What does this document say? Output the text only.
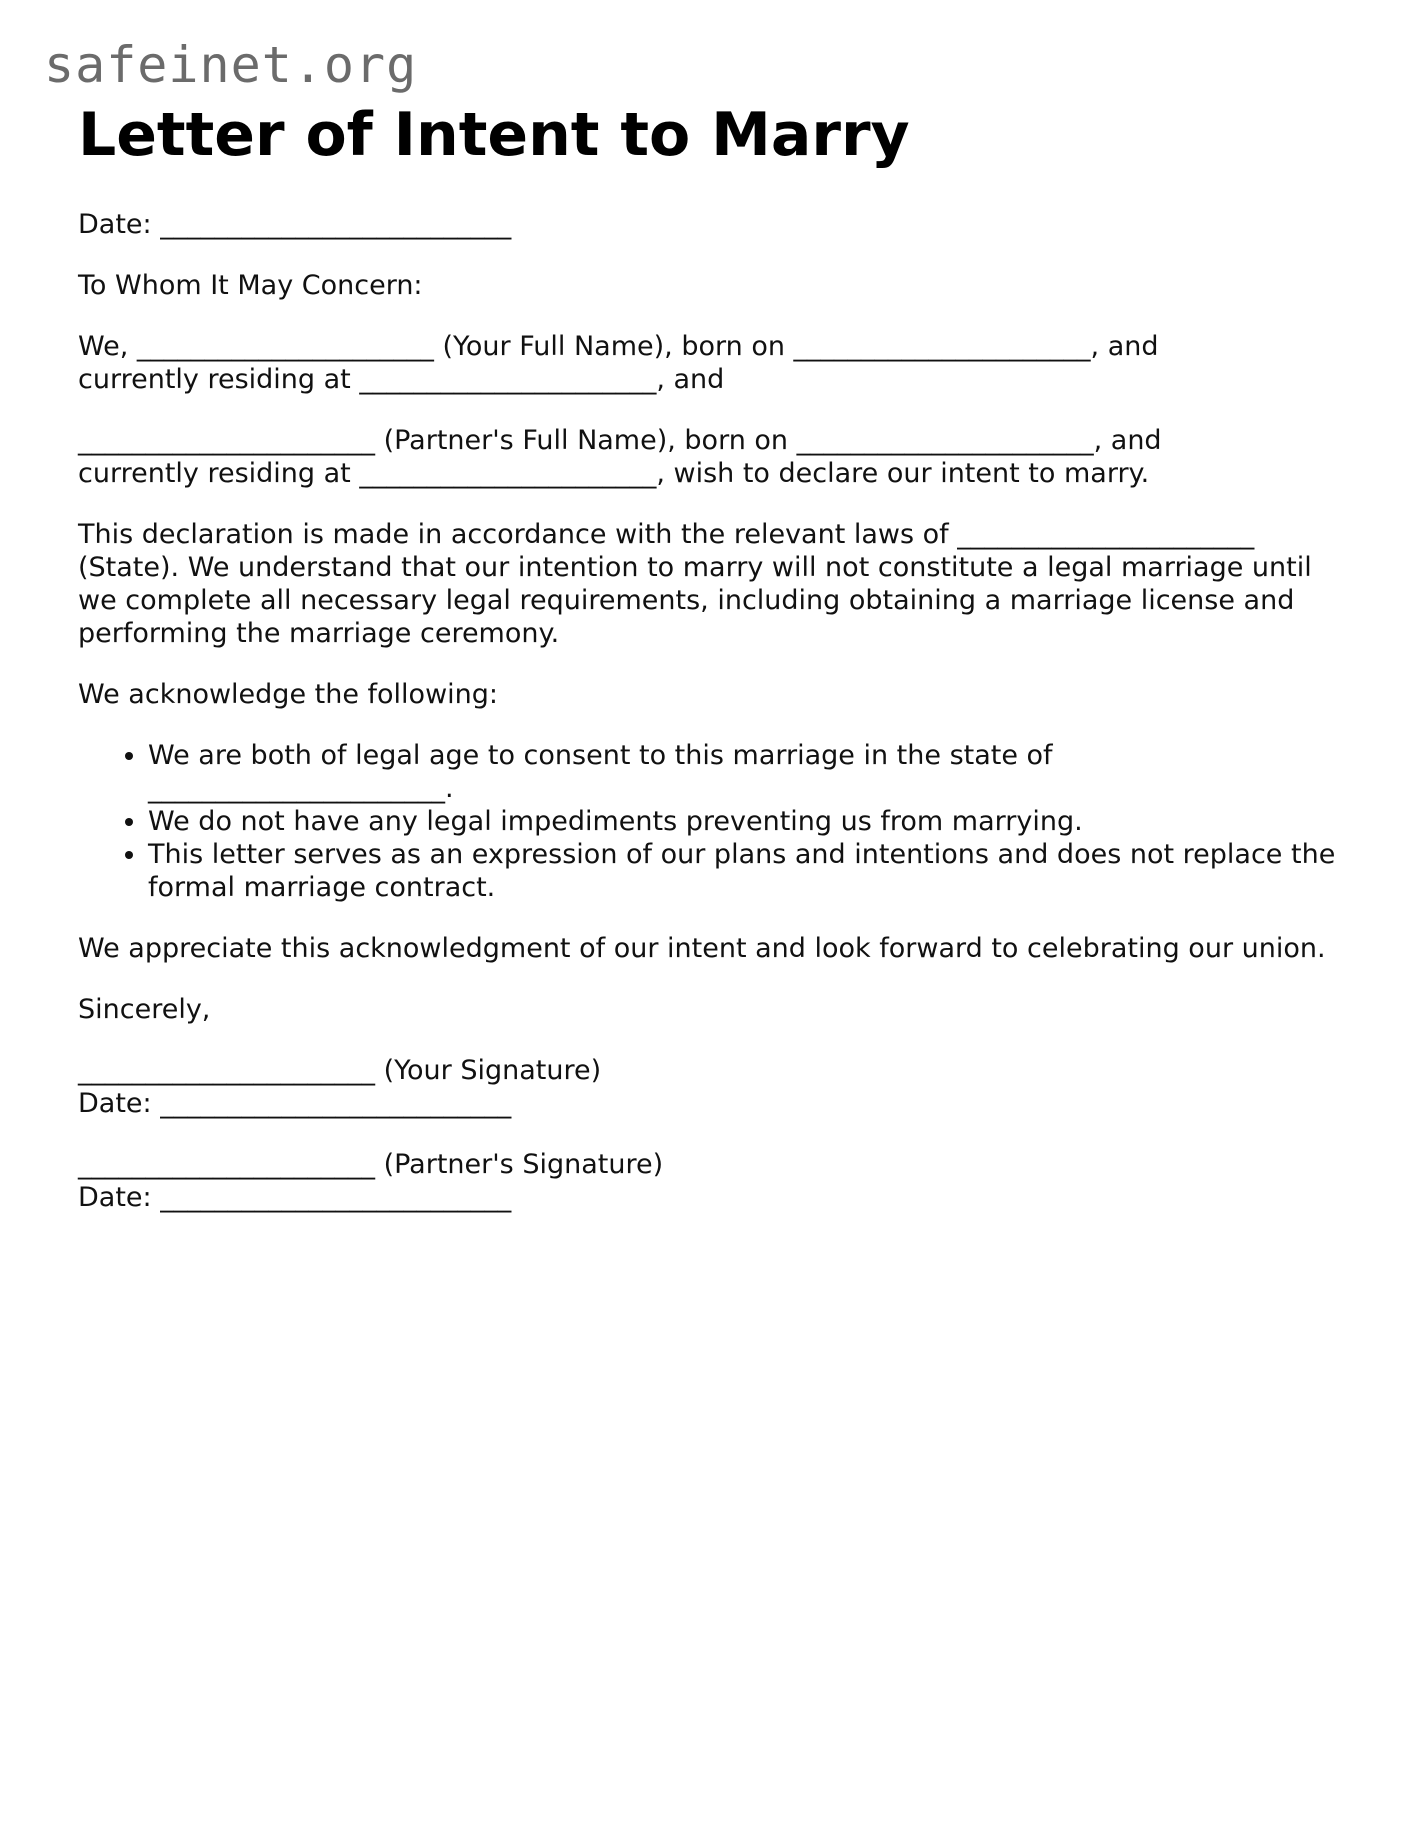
safeinet.org
Letter of Intent to Marry

Date: __________________________

To Whom It May Concern:

We, ______________________ (Your Full Name), born on ______________________, and
currently residing at ______________________, and

______________________ (Partner's Full Name), born on ______________________, and
currently residing at ______________________, wish to declare our intent to marry.

This declaration is made in accordance with the relevant laws of ______________________ (State). We understand that our intention to marry will not constitute a legal marriage until we complete all necessary legal requirements, including obtaining a marriage license and performing the marriage ceremony.

We acknowledge the following:

• We are both of legal age to consent to this marriage in the state of ______________________.
• We do not have any legal impediments preventing us from marrying.
• This letter serves as an expression of our plans and intentions and does not replace the formal marriage contract.

We appreciate this acknowledgment of our intent and look forward to celebrating our union.

Sincerely,

______________________ (Your Signature)
Date: __________________________
______________________ (Partner's Signature)
Date: __________________________
